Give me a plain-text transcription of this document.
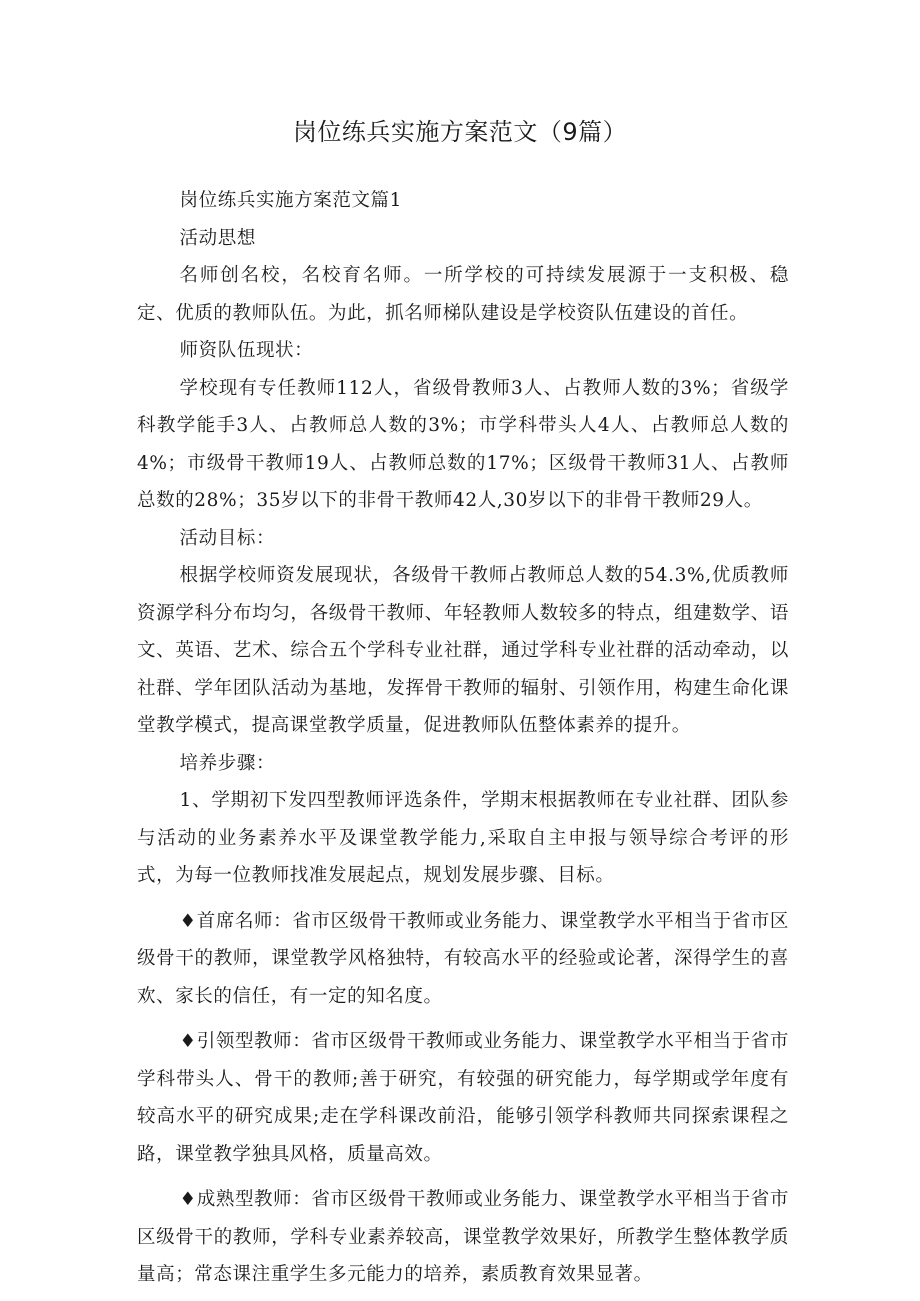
岗位练兵实施方案范文（9篇）

岗位练兵实施方案范文篇1

活动思想

名师创名校，名校育名师。一所学校的可持续发展源于一支积极、稳定、优质的教师队伍。为此，抓名师梯队建设是学校资队伍建设的首任。

师资队伍现状：

学校现有专任教师112人，省级骨教师3人、占教师人数的3%；省级学科教学能手3人、占教师总人数的3%；市学科带头人4人、占教师总人数的4%；市级骨干教师19人、占教师总数的17%；区级骨干教师31人、占教师总数的28%；35岁以下的非骨干教师42人,30岁以下的非骨干教师29人。

活动目标：

根据学校师资发展现状，各级骨干教师占教师总人数的54.3%,优质教师资源学科分布均匀，各级骨干教师、年轻教师人数较多的特点，组建数学、语文、英语、艺术、综合五个学科专业社群，通过学科专业社群的活动牵动，以社群、学年团队活动为基地，发挥骨干教师的辐射、引领作用，构建生命化课堂教学模式，提高课堂教学质量，促进教师队伍整体素养的提升。

培养步骤：

1、学期初下发四型教师评选条件，学期末根据教师在专业社群、团队参与活动的业务素养水平及课堂教学能力,采取自主申报与领导综合考评的形式，为每一位教师找准发展起点，规划发展步骤、目标。

♦首席名师：省市区级骨干教师或业务能力、课堂教学水平相当于省市区级骨干的教师，课堂教学风格独特，有较高水平的经验或论著，深得学生的喜欢、家长的信任，有一定的知名度。

♦引领型教师：省市区级骨干教师或业务能力、课堂教学水平相当于省市学科带头人、骨干的教师;善于研究，有较强的研究能力，每学期或学年度有较高水平的研究成果;走在学科课改前沿，能够引领学科教师共同探索课程之路，课堂教学独具风格，质量高效。

♦成熟型教师：省市区级骨干教师或业务能力、课堂教学水平相当于省市区级骨干的教师，学科专业素养较高，课堂教学效果好，所教学生整体教学质量高；常态课注重学生多元能力的培养，素质教育效果显著。
